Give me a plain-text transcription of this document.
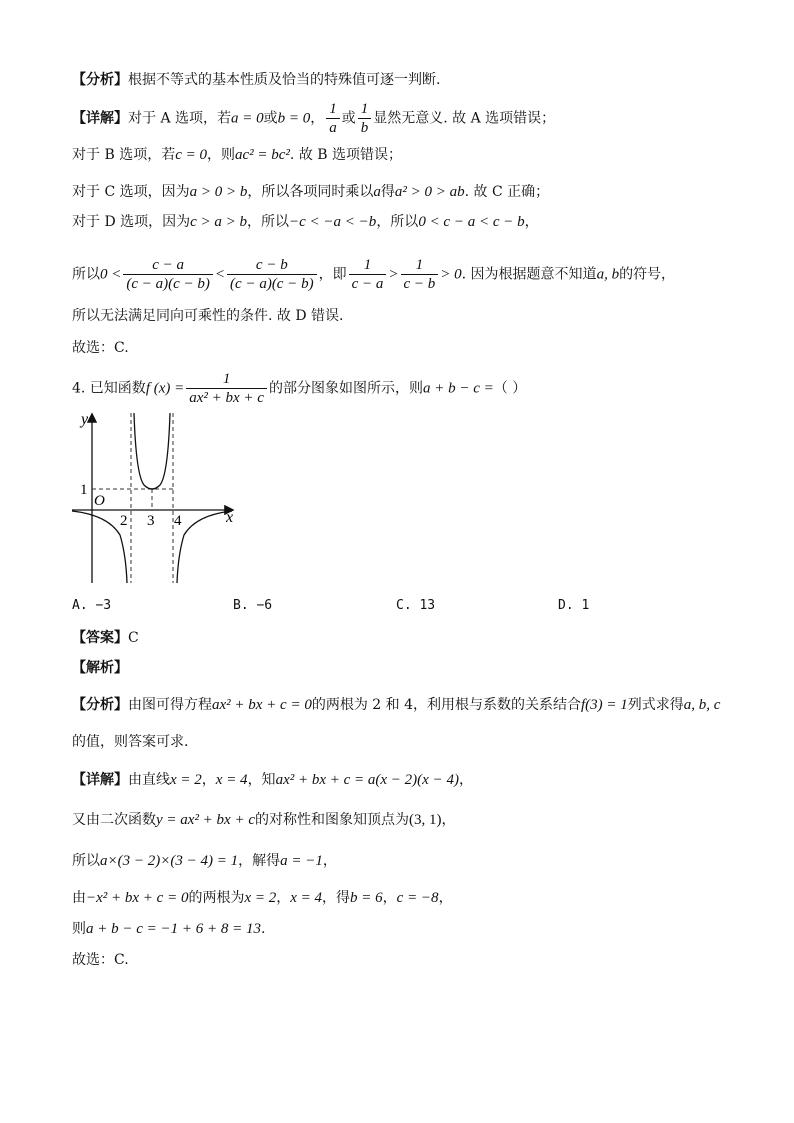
【分析】根据不等式的基本性质及恰当的特殊值可逐一判断.
【详解】对于 A 选项，若a = 0或b = 0， $\frac{1}{a}$ 或 $\frac{1}{b}$ 显然无意义. 故 A 选项错误；
对于 B 选项，若c = 0，则ac² = bc². 故 B 选项错误；
对于 C 选项，因为a > 0 > b，所以各项同时乘以a得a² > 0 > ab. 故 C 正确；
对于 D 选项，因为c > a > b，所以−c < −a < −b，所以0 < c − a < c − b，
所以$0 < \frac{c - a}{(c - a)(c - b)} < \frac{c - b}{(c - a)(c - b)}$ ，即 $\frac{1}{c - a} > \frac{1}{c - b} > 0$. 因为根据题意不知道a, b的符号，
所以无法满足同向可乘性的条件. 故 D 错误.
故选：C.
4. 已知函数f $(x) = \frac{1}{\text{ax² + bx + c}}$ 的部分图象如图所示，则a + b − c =（ ）
y
x
O
1
2 3 4
A. −3	B. −6	C. 13	D. 1
【答案】C
【解析】
【分析】由图可得方程ax² + bx + c = 0的两根为 2 和 4，利用根与系数的关系结合f(3) = 1列式求得a, b, c
的值，则答案可求.
【详解】由直线x = 2，x = 4，知ax² + bx + c = a(x − 2)(x − 4)，
又由二次函数y = ax² + bx + c的对称性和图象知顶点为(3, 1)，
所以a×(3 − 2)×(3 − 4) = 1，解得a = −1，
由−x² + bx + c = 0的两根为x = 2，x = 4，得b = 6，c = −8，
则a + b − c = −1 + 6 + 8 = 13.
故选：C.
